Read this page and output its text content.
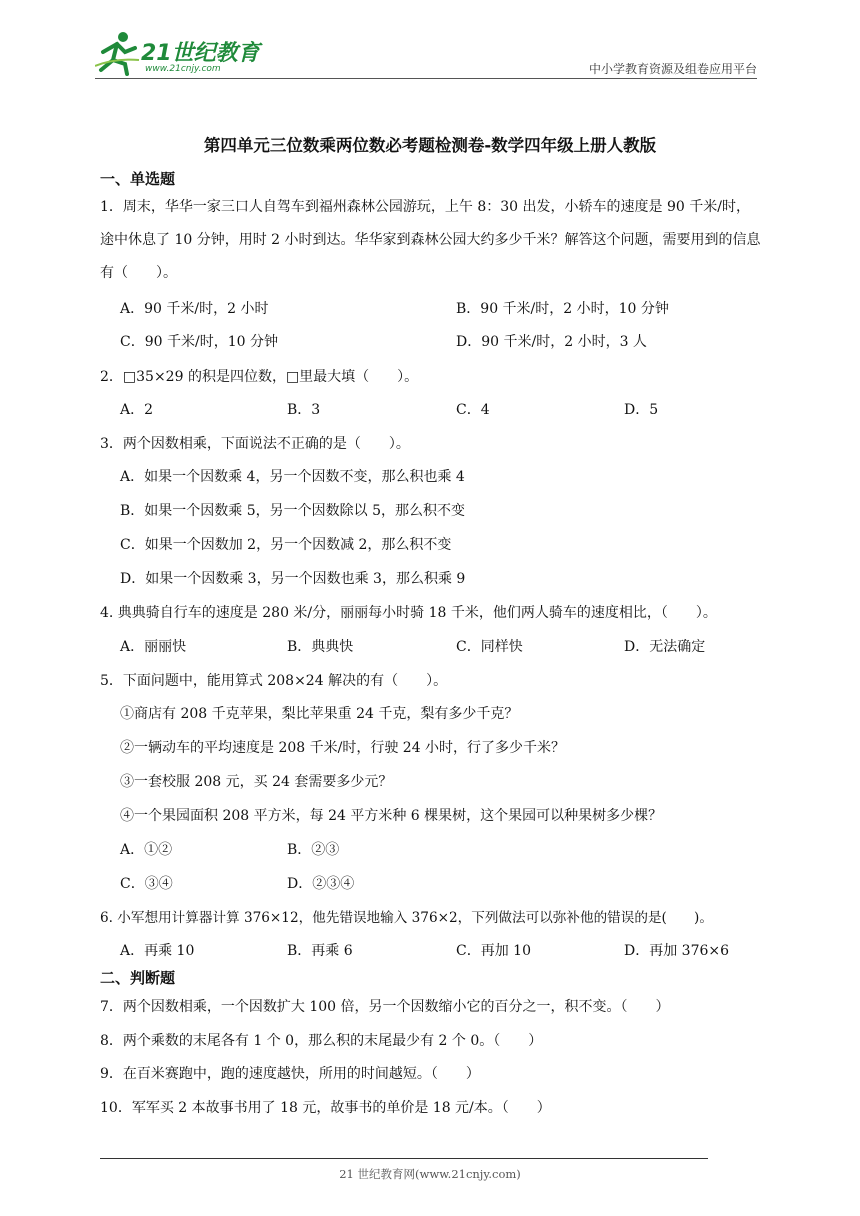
21世纪教育
www.21cnjy.com	中小学教育资源及组卷应用平台
第四单元三位数乘两位数必考题检测卷-数学四年级上册人教版
一、单选题
1．周末，华华一家三口人自驾车到福州森林公园游玩，上午 8：30 出发，小轿车的速度是 90 千米/时，途中休息了 10 分钟，用时 2 小时到达。华华家到森林公园大约多少千米？解答这个问题，需要用到的信息有（　　）。
A．90 千米/时，2 小时	B．90 千米/时，2 小时，10 分钟
C．90 千米/时，10 分钟	D．90 千米/时，2 小时，3 人
2．□35×29 的积是四位数，□里最大填（　　）。
A．2	B．3	C．4	D．5
3．两个因数相乘，下面说法不正确的是（　　）。
A．如果一个因数乘 4，另一个因数不变，那么积也乘 4
B．如果一个因数乘 5，另一个因数除以 5，那么积不变
C．如果一个因数加 2，另一个因数减 2，那么积不变
D．如果一个因数乘 3，另一个因数也乘 3，那么积乘 9
4. 典典骑自行车的速度是 280 米/分，丽丽每小时骑 18 千米，他们两人骑车的速度相比，（　　）。
A．丽丽快	B．典典快	C．同样快	D．无法确定
5．下面问题中，能用算式 208×24 解决的有（　　）。
①商店有 208 千克苹果，梨比苹果重 24 千克，梨有多少千克？
②一辆动车的平均速度是 208 千米/时，行驶 24 小时，行了多少千米？
③一套校服 208 元，买 24 套需要多少元？
④一个果园面积 208 平方米，每 24 平方米种 6 棵果树，这个果园可以种果树多少棵？
A．①②	B．②③
C．③④	D．②③④
6. 小军想用计算器计算 376×12，他先错误地输入 376×2，下列做法可以弥补他的错误的是(　　)。
A．再乘 10	B．再乘 6	C．再加 10	D．再加 376×6
二、判断题
7．两个因数相乘，一个因数扩大 100 倍，另一个因数缩小它的百分之一，积不变。（　　）
8．两个乘数的末尾各有 1 个 0，那么积的末尾最少有 2 个 0。（　　）
9．在百米赛跑中，跑的速度越快，所用的时间越短。（　　）
10．军军买 2 本故事书用了 18 元，故事书的单价是 18 元/本。（　　）
21 世纪教育网(www.21cnjy.com)
